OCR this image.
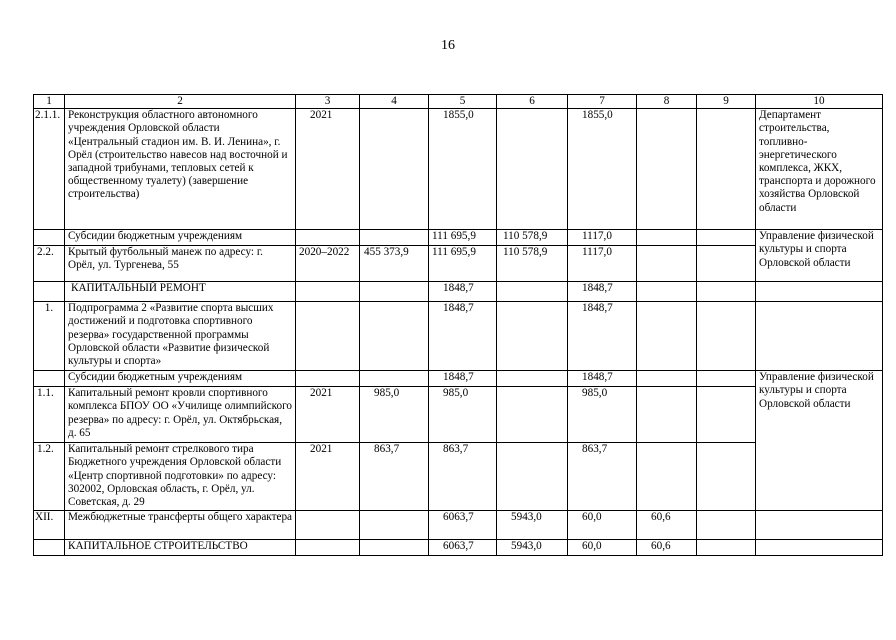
16
1	2	3	4	5	6	7	8	9	10
2.1.1.	Реконструкция областного автономного учреждения Орловской области «Центральный стадион им. В. И. Ленина», г. Орёл (строительство навесов над восточной и западной трибунами, тепловых сетей к общественному туалету) (завершение строительства)	2021		1855,0		1855,0			Департамент строительства, топливно-энергетического комплекса, ЖКХ, транспорта и дорожного хозяйства Орловской области
	Субсидии бюджетным учреждениям			111 695,9	110 578,9	1117,0			Управление физической культуры и спорта Орловской области
2.2.	Крытый футбольный манеж по адресу: г. Орёл, ул. Тургенева, 55	2020–2022	455 373,9	111 695,9	110 578,9	1117,0			
	КАПИТАЛЬНЫЙ РЕМОНТ			1848,7		1848,7			
1.	Подпрограмма 2 «Развитие спорта высших достижений и подготовка спортивного резерва» государственной программы Орловской области «Развитие физической культуры и спорта»			1848,7		1848,7			
	Субсидии бюджетным учреждениям			1848,7		1848,7			Управление физической культуры и спорта Орловской области
1.1.	Капитальный ремонт кровли спортивного комплекса БПОУ ОО «Училище олимпийского резерва» по адресу: г. Орёл, ул. Октябрьская, д. 65	2021	985,0	985,0		985,0			
1.2.	Капитальный ремонт стрелкового тира Бюджетного учреждения Орловской области «Центр спортивной подготовки» по адресу: 302002, Орловская область, г. Орёл, ул. Советская, д. 29	2021	863,7	863,7		863,7			
XII.	Межбюджетные трансферты общего характера			6063,7	5943,0	60,0	60,6		
	КАПИТАЛЬНОЕ СТРОИТЕЛЬСТВО			6063,7	5943,0	60,0	60,6		
